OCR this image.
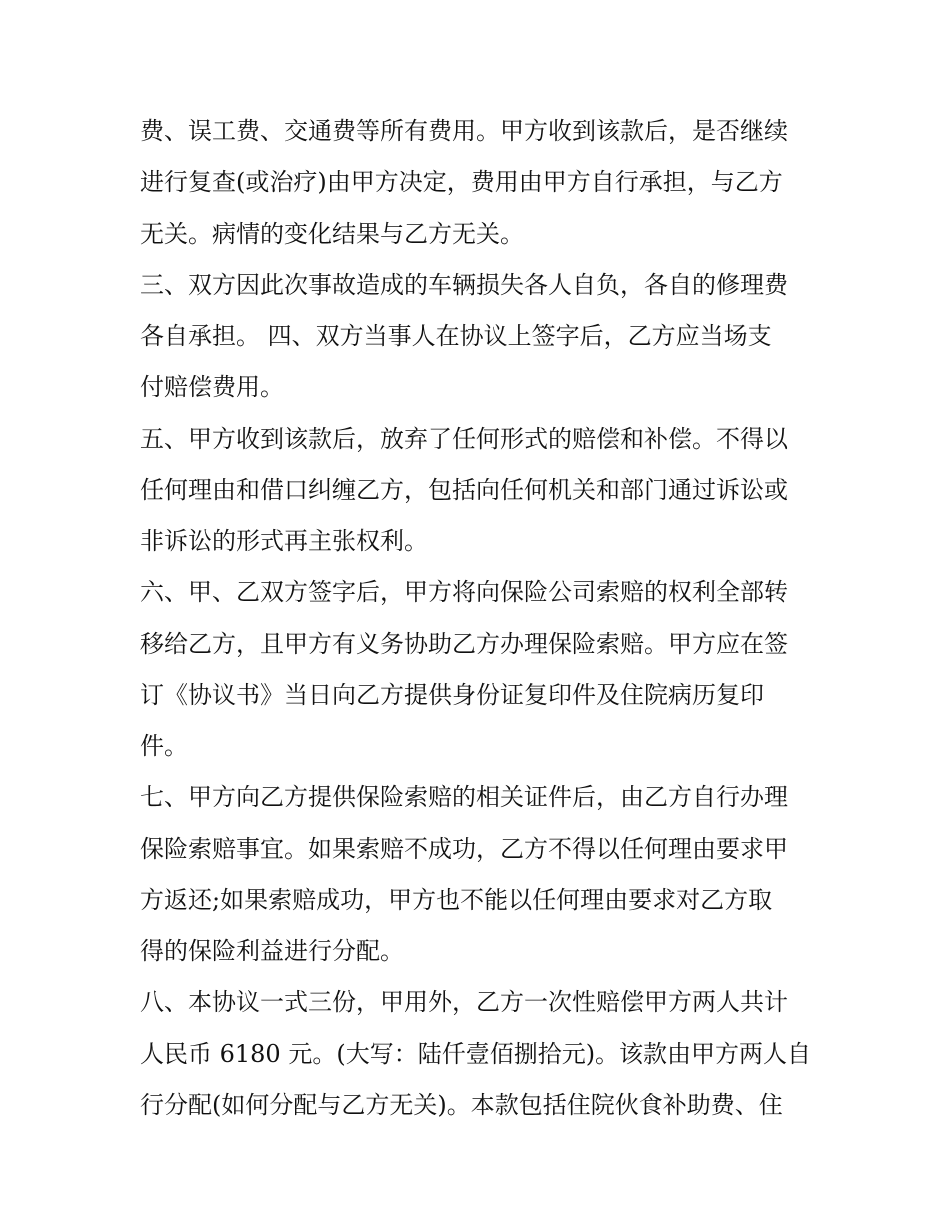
费、误工费、交通费等所有费用。甲方收到该款后，是否继续
进行复查(或治疗)由甲方决定，费用由甲方自行承担，与乙方
无关。病情的变化结果与乙方无关。
三、双方因此次事故造成的车辆损失各人自负，各自的修理费
各自承担。 四、双方当事人在协议上签字后，乙方应当场支
付赔偿费用。
五、甲方收到该款后，放弃了任何形式的赔偿和补偿。不得以
任何理由和借口纠缠乙方，包括向任何机关和部门通过诉讼或
非诉讼的形式再主张权利。
六、甲、乙双方签字后，甲方将向保险公司索赔的权利全部转
移给乙方，且甲方有义务协助乙方办理保险索赔。甲方应在签
订《协议书》当日向乙方提供身份证复印件及住院病历复印
件。
七、甲方向乙方提供保险索赔的相关证件后，由乙方自行办理
保险索赔事宜。如果索赔不成功，乙方不得以任何理由要求甲
方返还;如果索赔成功，甲方也不能以任何理由要求对乙方取
得的保险利益进行分配。
八、本协议一式三份，甲用外，乙方一次性赔偿甲方两人共计
人民币 6180 元。(大写：陆仟壹佰捌拾元)。该款由甲方两人自
行分配(如何分配与乙方无关)。本款包括住院伙食补助费、住
